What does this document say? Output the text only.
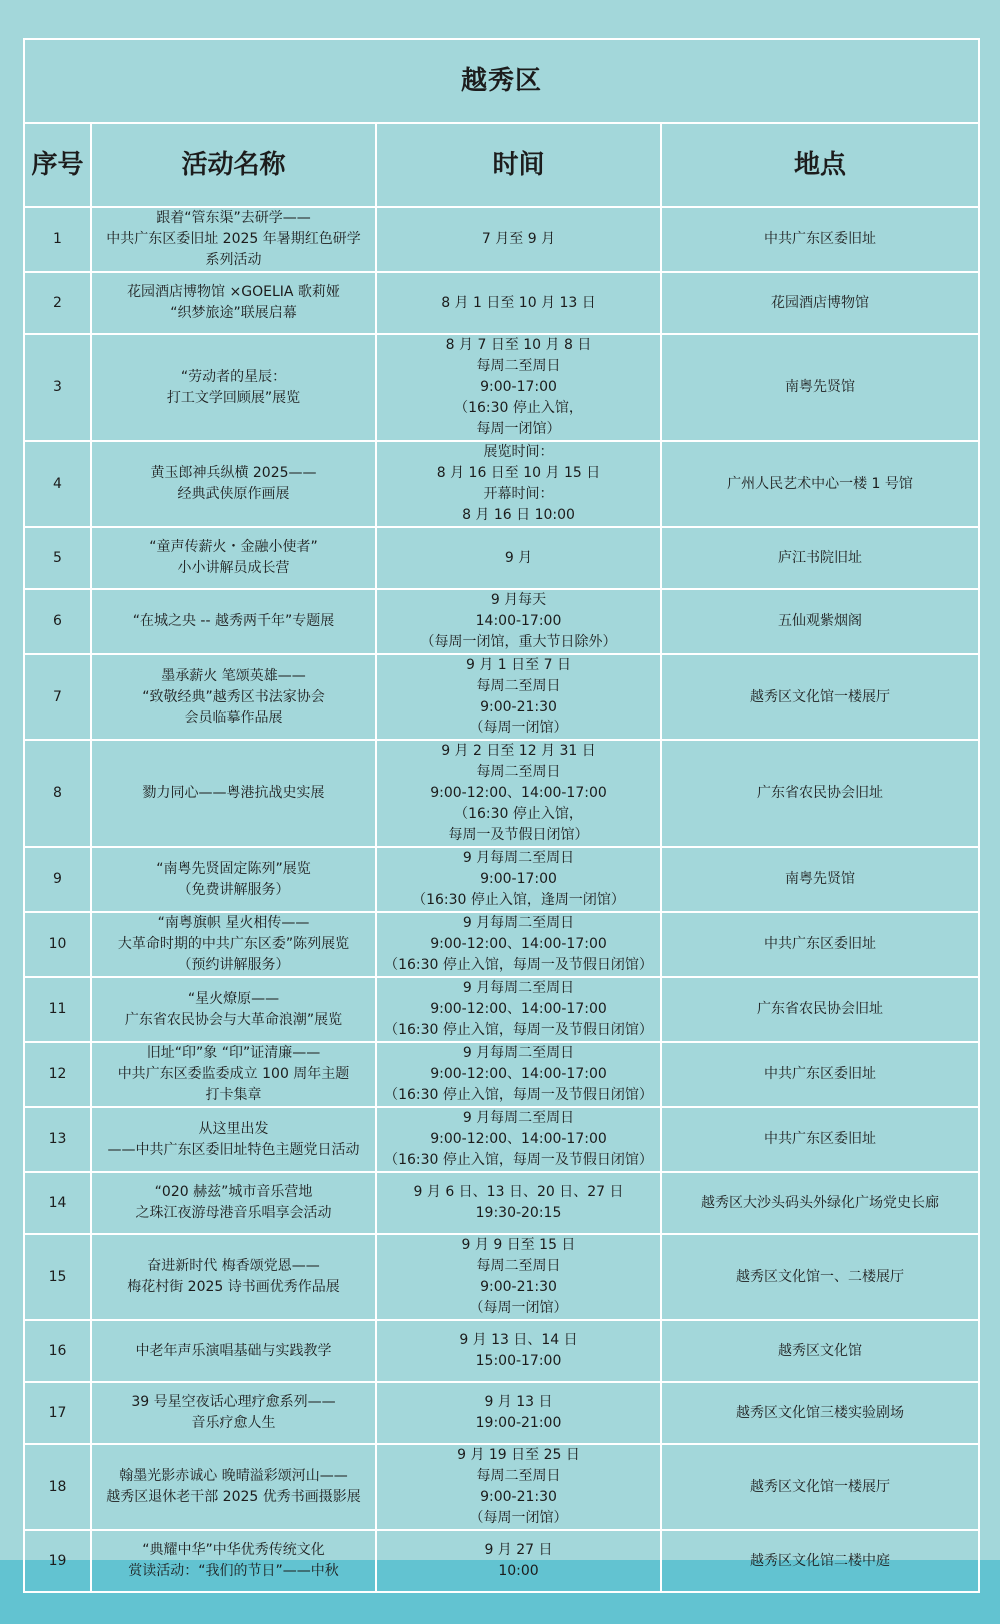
越秀区			
序号	活动名称	时间	地点
1	跟着“管东渠”去研学——
中共广东区委旧址 2025 年暑期红色研学
系列活动	7 月至 9 月	中共广东区委旧址
2	花园酒店博物馆 ×GOELIA 歌莉娅
“织梦旅途”联展启幕	8 月 1 日至 10 月 13 日	花园酒店博物馆
3	“劳动者的星辰：
打工文学回顾展”展览	8 月 7 日至 10 月 8 日
每周二至周日
9:00-17:00
（16:30 停止入馆，
每周一闭馆）	南粤先贤馆
4	黄玉郎神兵纵横 2025——
经典武侠原作画展	展览时间：
8 月 16 日至 10 月 15 日
开幕时间：
8 月 16 日 10:00	广州人民艺术中心一楼 1 号馆
5	“童声传薪火・金融小使者”
小小讲解员成长营	9 月	庐江书院旧址
6	“在城之央 -- 越秀两千年”专题展	9 月每天
14:00-17:00
（每周一闭馆，重大节日除外）	五仙观紫烟阁
7	墨承薪火 笔颂英雄——
“致敬经典”越秀区书法家协会
会员临摹作品展	9 月 1 日至 7 日
每周二至周日
9:00-21:30
（每周一闭馆）	越秀区文化馆一楼展厅
8	勠力同心——粤港抗战史实展	9 月 2 日至 12 月 31 日
每周二至周日
9:00-12:00、14:00-17:00
（16:30 停止入馆，
每周一及节假日闭馆）	广东省农民协会旧址
9	“南粤先贤固定陈列”展览
（免费讲解服务）	9 月每周二至周日
9:00-17:00
（16:30 停止入馆，逢周一闭馆）	南粤先贤馆
10	“南粤旗帜 星火相传——
大革命时期的中共广东区委”陈列展览
（预约讲解服务）	9 月每周二至周日
9:00-12:00、14:00-17:00
（16:30 停止入馆，每周一及节假日闭馆）	中共广东区委旧址
11	“星火燎原——
广东省农民协会与大革命浪潮”展览	9 月每周二至周日
9:00-12:00、14:00-17:00
（16:30 停止入馆，每周一及节假日闭馆）	广东省农民协会旧址
12	旧址“印”象 “印”证清廉——
中共广东区委监委成立 100 周年主题
打卡集章	9 月每周二至周日
9:00-12:00、14:00-17:00
（16:30 停止入馆，每周一及节假日闭馆）	中共广东区委旧址
13	从这里出发
——中共广东区委旧址特色主题党日活动	9 月每周二至周日
9:00-12:00、14:00-17:00
（16:30 停止入馆，每周一及节假日闭馆）	中共广东区委旧址
14	“020 赫兹”城市音乐营地
之珠江夜游母港音乐唱享会活动	9 月 6 日、13 日、20 日、27 日
19:30-20:15	越秀区大沙头码头外绿化广场党史长廊
15	奋进新时代 梅香颂党恩——
梅花村街 2025 诗书画优秀作品展	9 月 9 日至 15 日
每周二至周日
9:00-21:30
（每周一闭馆）	越秀区文化馆一、二楼展厅
16	中老年声乐演唱基础与实践教学	9 月 13 日、14 日
15:00-17:00	越秀区文化馆
17	39 号星空夜话心理疗愈系列——
音乐疗愈人生	9 月 13 日
19:00-21:00	越秀区文化馆三楼实验剧场
18	翰墨光影赤诚心 晚晴溢彩颂河山——
越秀区退休老干部 2025 优秀书画摄影展	9 月 19 日至 25 日
每周二至周日
9:00-21:30
（每周一闭馆）	越秀区文化馆一楼展厅
19	“典耀中华”中华优秀传统文化
赏读活动：“我们的节日”——中秋	9 月 27 日
10:00	越秀区文化馆二楼中庭
